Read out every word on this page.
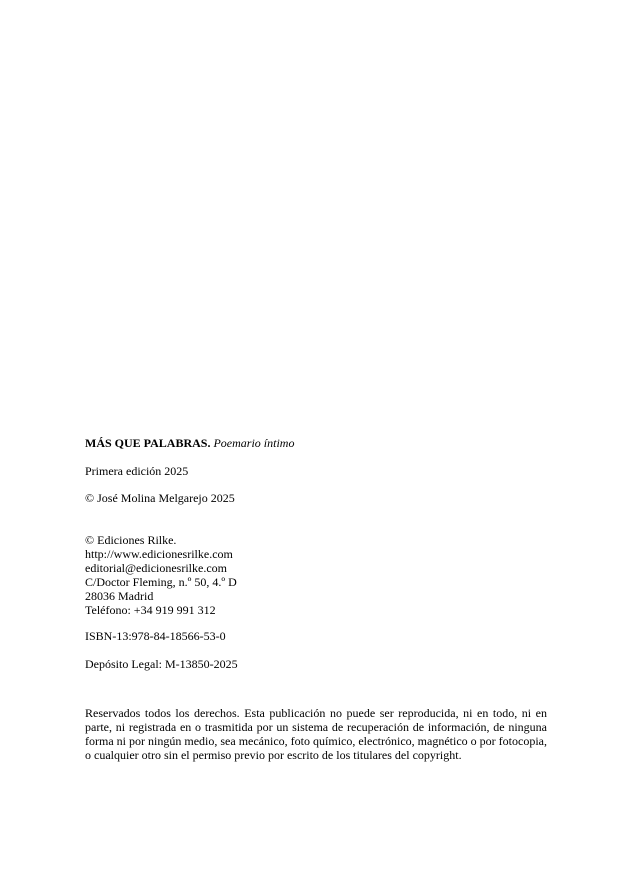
MÁS QUE PALABRAS. Poemario íntimo
Primera edición 2025
© José Molina Melgarejo 2025
© Ediciones Rilke.
http://www.edicionesrilke.com
editorial@edicionesrilke.com
C/Doctor Fleming, n.º 50, 4.º D
28036 Madrid
Teléfono: +34 919 991 312
ISBN-13:978-84-18566-53-0
Depósito Legal: M-13850-2025

Reservados todos los derechos. Esta publicación no puede ser reproducida, ni en todo, ni en parte, ni registrada en o trasmitida por un sistema de recuperación de información, de ninguna forma ni por ningún medio, sea mecánico, foto químico, electrónico, magnético o por fotocopia, o cualquier otro sin el permiso previo por escrito de los titulares del copyright.
